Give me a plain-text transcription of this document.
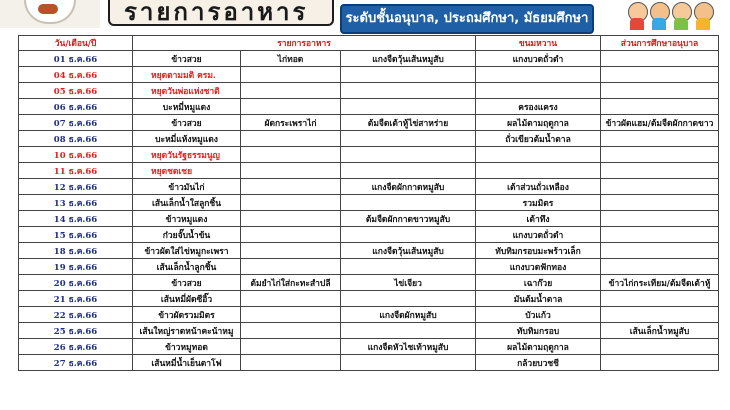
รายการอาหาร	ระดับชั้นอนุบาล, ประถมศึกษา, มัธยมศึกษา
วัน/เดือน/ปี	รายการอาหาร			ขนมหวาน	ส่วนการศึกษาอนุบาล
01 ธ.ค.66	ข้าวสวย	ไก่ทอด	แกงจืดวุ้นเส้นหมูสับ	แกงบวดถั่วดำ	
04 ธ.ค.66	หยุดตามมติ ครม.				
05 ธ.ค.66	หยุดวันพ่อแห่งชาติ				
06 ธ.ค.66	บะหมี่หมูแดง			ครองแครง	
07 ธ.ค.66	ข้าวสวย	ผัดกระเพราไก่	ต้มจืดเต้าหู้ไข่สาหร่าย	ผลไม้ตามฤดูกาล	ข้าวผัดแฮม/ต้มจืดผักกาดขาว
08 ธ.ค.66	บะหมี่แห้งหมูแดง			ถั่วเขียวต้มน้ำตาล	
10 ธ.ค.66	หยุดวันรัฐธรรมนูญ				
11 ธ.ค.66	หยุดชดเชย				
12 ธ.ค.66	ข้าวมันไก่		แกงจืดผักกาดหมูสับ	เต้าส่วนถั่วเหลือง	
13 ธ.ค.66	เส้นเล็กน้ำใสลูกชิ้น			รวมมิตร	
14 ธ.ค.66	ข้าวหมูแดง		ต้มจืดผักกาดขาวหมูสับ	เต้าทึง	
15 ธ.ค.66	ก๋วยจั๊บน้ำข้น			แกงบวดถั่วดำ	
18 ธ.ค.66	ข้าวผัดใส่ไข่หมูกะเพรา		แกงจืดวุ้นเส้นหมูสับ	ทับทิมกรอบมะพร้าวเล็ก	
19 ธ.ค.66	เส้นเล็กน้ำลูกชิ้น			แกงบวดฟักทอง	
20 ธ.ค.66	ข้าวสวย	ต้มยำไก่ใส่กะทะสำปลี	ไข่เจียว	เฉาก๊วย	ข้าวไก่กระเทียม/ต้มจืดเต้าหู้
21 ธ.ค.66	เส้นหมี่ผัดซีอิ๊ว			มันต้มน้ำตาล	
22 ธ.ค.66	ข้าวผัดรวมมิตร		แกงจืดผักหมูสับ	บัวแก้ว	
25 ธ.ค.66	เส้นใหญ่ราดหน้าคะน้าหมู			ทับทิมกรอบ	เส้นเล็กน้ำหมูสับ
26 ธ.ค.66	ข้าวหมูทอด		แกงจืดหัวไชเท้าหมูสับ	ผลไม้ตามฤดูกาล	
27 ธ.ค.66	เส้นหมี่น้ำเย็นตาโฟ			กล้วยบวชชี	
